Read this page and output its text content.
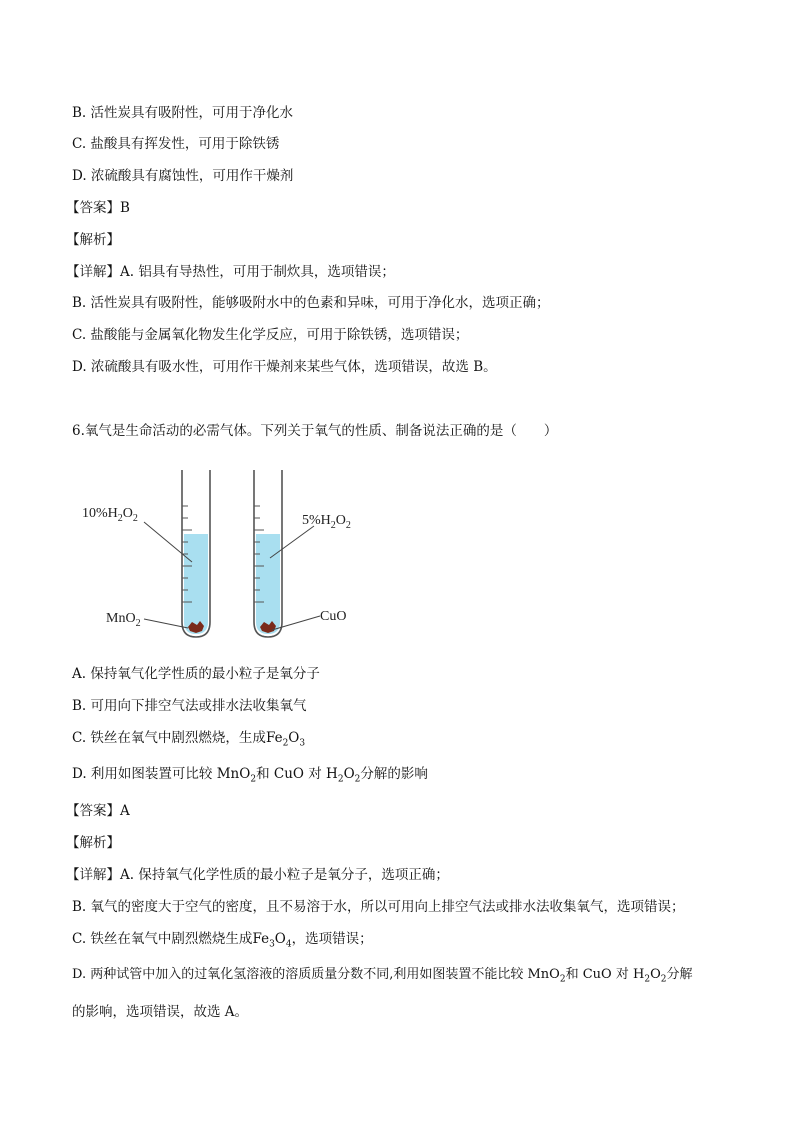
B. 活性炭具有吸附性，可用于净化水
C. 盐酸具有挥发性，可用于除铁锈
D. 浓硫酸具有腐蚀性，可用作干燥剂
【答案】B
【解析】
【详解】A. 铝具有导热性，可用于制炊具，选项错误；
B. 活性炭具有吸附性，能够吸附水中的色素和异味，可用于净化水，选项正确；
C. 盐酸能与金属氧化物发生化学反应，可用于除铁锈，选项错误；
D. 浓硫酸具有吸水性，可用作干燥剂来某些气体，选项错误，故选 B。
6.氧气是生命活动的必需气体。下列关于氧气的性质、制备说法正确的是（　　）
$10\%H_2O_2$	$5\%H_2O_2$
MnO$_2$	CuO
A. 保持氧气化学性质的最小粒子是氧分子
B. 可用向下排空气法或排水法收集氧气
C. 铁丝在氧气中剧烈燃烧，生成$Fe_2O_3$
D. 利用如图装置可比较 MnO$_2$和 CuO 对 $H_2O_2$分解的影响
【答案】A
【解析】
【详解】A. 保持氧气化学性质的最小粒子是氧分子，选项正确；
B. 氧气的密度大于空气的密度，且不易溶于水，所以可用向上排空气法或排水法收集氧气，选项错误；
C. 铁丝在氧气中剧烈燃烧生成$Fe_3O_4$，选项错误；
D. 两种试管中加入的过氧化氢溶液的溶质质量分数不同,利用如图装置不能比较 MnO$_2$和 CuO 对 $H_2O_2$分解
的影响，选项错误，故选 A。
